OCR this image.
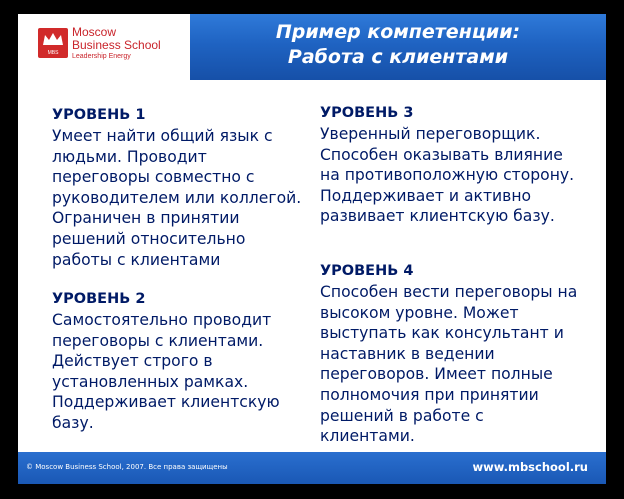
MBS
Moscow
Business School
Leadership Energy
Пример компетенции:
Работа с клиентами
УРОВЕНЬ 1
Умеет найти общий язык с
людьми. Проводит
переговоры совместно с
руководителем или коллегой.
Ограничен в принятии
решений относительно
работы с клиентами
УРОВЕНЬ 2
Самостоятельно проводит
переговоры с клиентами.
Действует строго в
установленных рамках.
Поддерживает клиентскую
базу.
УРОВЕНЬ 3
Уверенный переговорщик.
Способен оказывать влияние
на противоположную сторону.
Поддерживает и активно
развивает клиентскую базу.
УРОВЕНЬ 4
Способен вести переговоры на
высоком уровне. Может
выступать как консультант и
наставник в ведении
переговоров. Имеет полные
полномочия при принятии
решений в работе с
клиентами.
© Moscow Business School, 2007. Все права защищены	www.mbschool.ru
